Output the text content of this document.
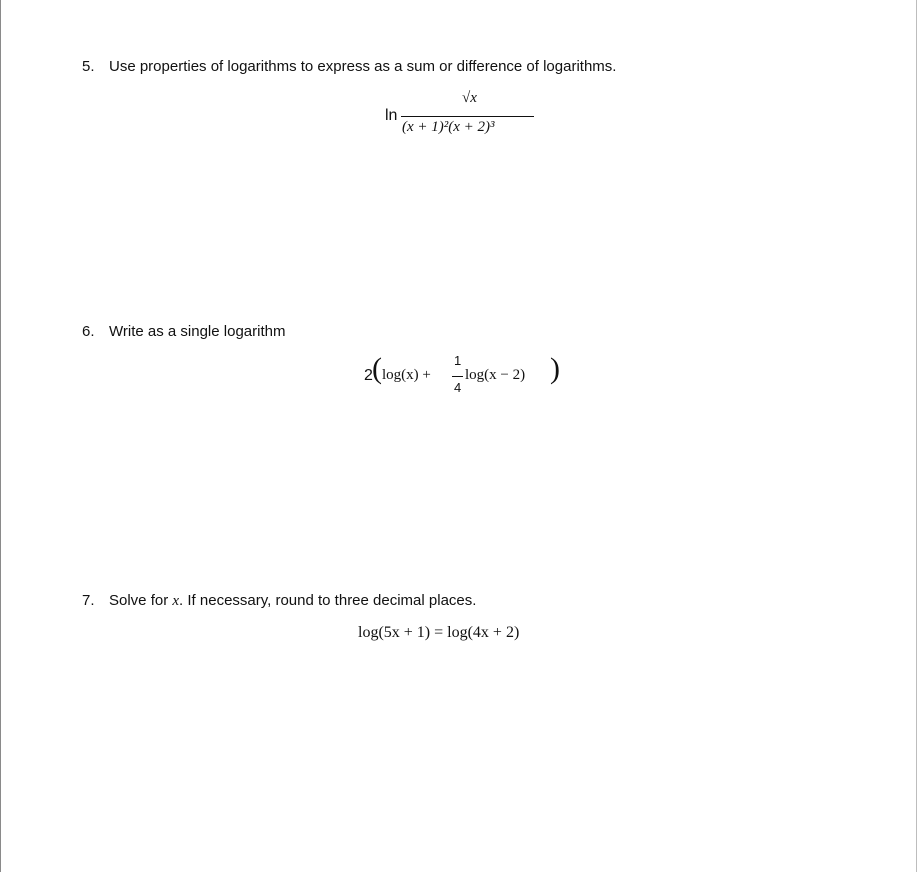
5. Use properties of logarithms to express as a sum or difference of logarithms.
ln
√x
(x + 1)²(x + 2)³
6. Write as a single logarithm
2 ( log(x) +
1
4
log(x − 2) )
7. Solve for x. If necessary, round to three decimal places.
log(5x + 1) = log(4x + 2)
